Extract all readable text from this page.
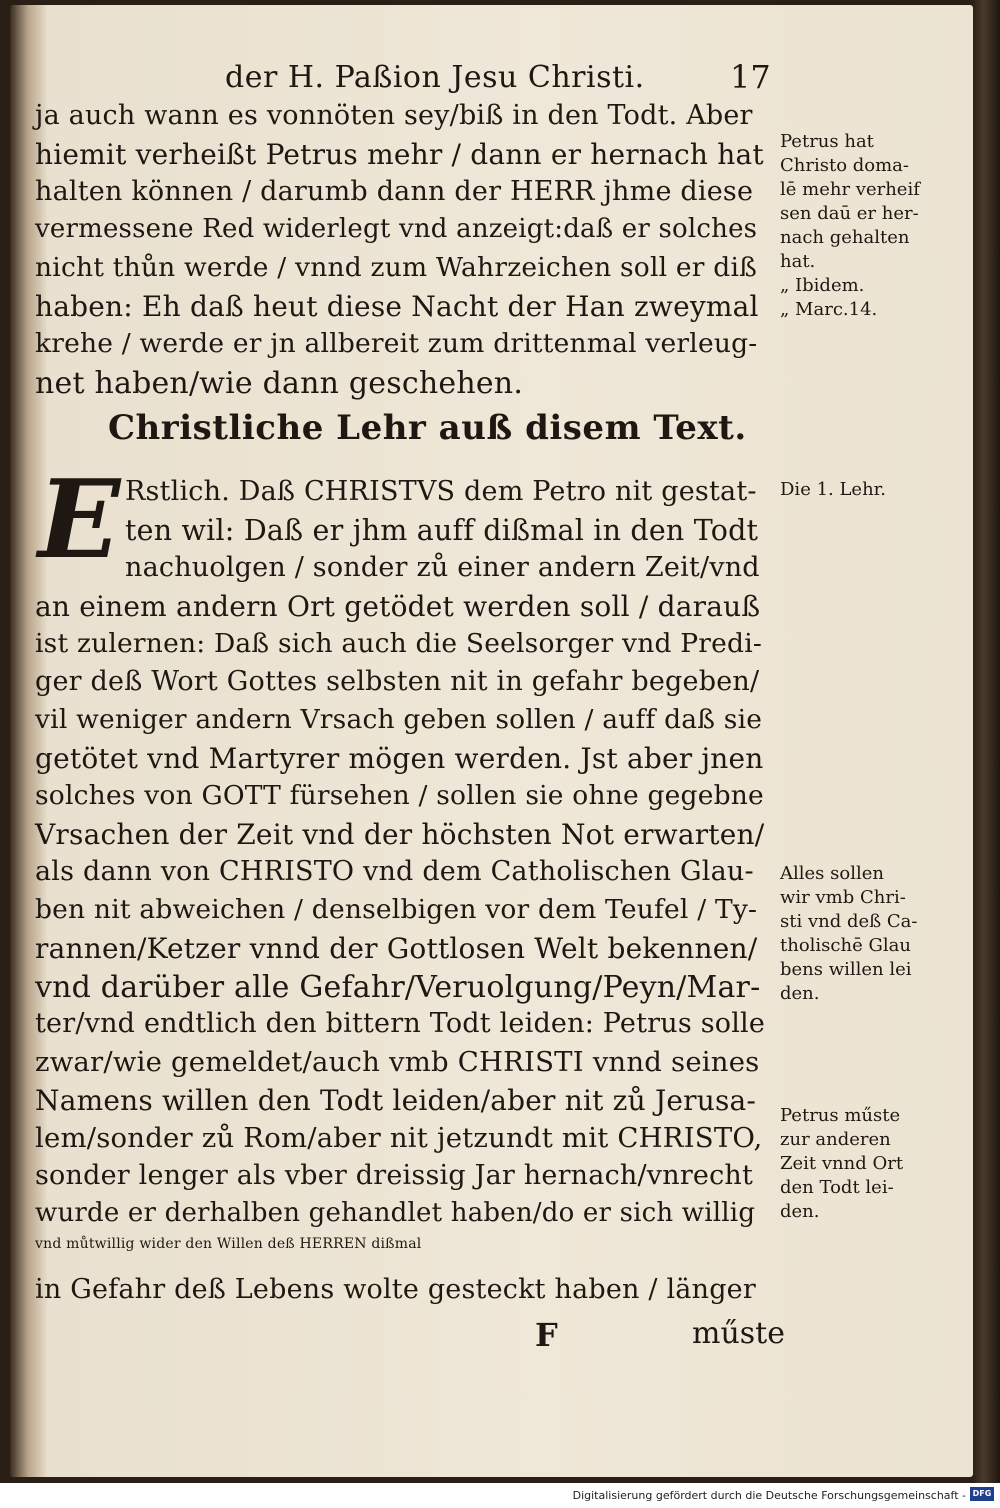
der H. Paßion Jesu Christi.	17
ja auch wann es vonnöten sey/biß in den Todt. Aber
hiemit verheißt Petrus mehr / dann er hernach hat
halten können / darumb dann der HERR jhme diese
vermessene Red widerlegt vnd anzeigt:daß er solches
nicht thůn werde / vnnd zum Wahrzeichen soll er diß
haben: Eh daß heut diese Nacht der Han zweymal
krehe / werde er jn allbereit zum drittenmal verleug-
net haben/wie dann geschehen.
Petrus hat
Christo doma-
lē mehr verheif
sen daū er her-
nach gehalten
hat.
„ Ibidem.
„ Marc.14.
Christliche Lehr auß disem Text.
E Rstlich. Daß CHRISTVS dem Petro nit gestat-
ten wil: Daß er jhm auff dißmal in den Todt
nachuolgen / sonder zů einer andern Zeit/vnd
an einem andern Ort getödet werden soll / darauß
ist zulernen: Daß sich auch die Seelsorger vnd Predi-
ger deß Wort Gottes selbsten nit in gefahr begeben/
vil weniger andern Vrsach geben sollen / auff daß sie
getötet vnd Martyrer mögen werden. Jst aber jnen
solches von GOTT fürsehen / sollen sie ohne gegebne
Vrsachen der Zeit vnd der höchsten Not erwarten/
als dann von CHRISTO vnd dem Catholischen Glau-
ben nit abweichen / denselbigen vor dem Teufel / Ty-
rannen/Ketzer vnnd der Gottlosen Welt bekennen/
vnd darüber alle Gefahr/Veruolgung/Peyn/Mar-
ter/vnd endtlich den bittern Todt leiden: Petrus solle
zwar/wie gemeldet/auch vmb CHRISTI vnnd seines
Namens willen den Todt leiden/aber nit zů Jerusa-
lem/sonder zů Rom/aber nit jetzundt mit CHRISTO,
sonder lenger als vber dreissig Jar hernach/vnrecht
wurde er derhalben gehandlet haben/do er sich willig
vnd můtwillig wider den Willen deß HERREN dißmal
in Gefahr deß Lebens wolte gesteckt haben / länger
Die 1. Lehr.
Alles sollen
wir vmb Chri-
sti vnd deß Ca-
tholischē Glau
bens willen lei
den.
Petrus műste
zur anderen
Zeit vnnd Ort
den Todt lei-
den.
F	műste
Digitalisierung gefördert durch die Deutsche Forschungsgemeinschaft - DFG
